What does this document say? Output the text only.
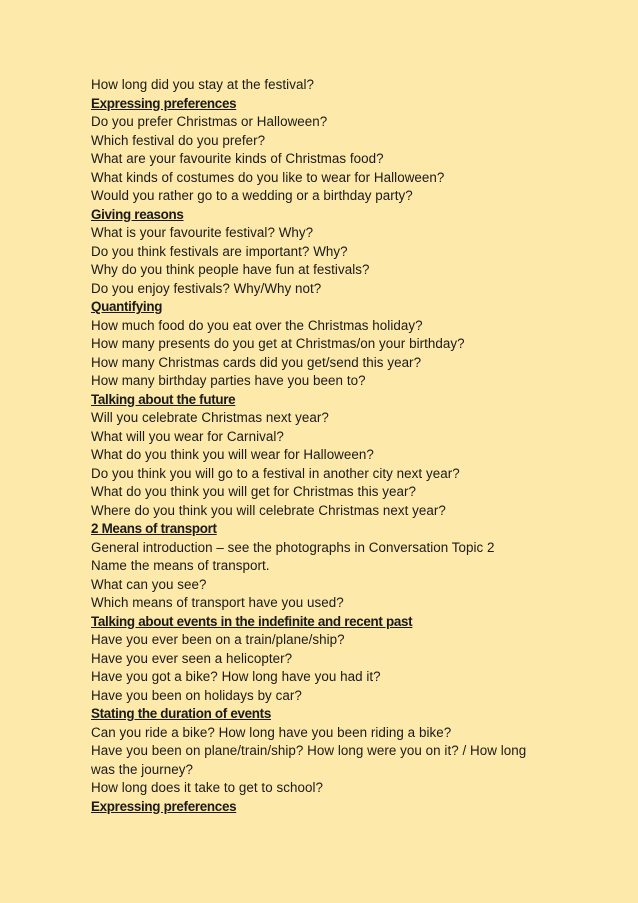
How long did you stay at the festival?
Expressing preferences
Do you prefer Christmas or Halloween?
Which festival do you prefer?
What are your favourite kinds of Christmas food?
What kinds of costumes do you like to wear for Halloween?
Would you rather go to a wedding or a birthday party?
Giving reasons
What is your favourite festival? Why?
Do you think festivals are important? Why?
Why do you think people have fun at festivals?
Do you enjoy festivals? Why/Why not?
Quantifying
How much food do you eat over the Christmas holiday?
How many presents do you get at Christmas/on your birthday?
How many Christmas cards did you get/send this year?
How many birthday parties have you been to?
Talking about the future
Will you celebrate Christmas next year?
What will you wear for Carnival?
What do you think you will wear for Halloween?
Do you think you will go to a festival in another city next year?
What do you think you will get for Christmas this year?
Where do you think you will celebrate Christmas next year?
2 Means of transport
General introduction – see the photographs in Conversation Topic 2
Name the means of transport.
What can you see?
Which means of transport have you used?
Talking about events in the indefinite and recent past
Have you ever been on a train/plane/ship?
Have you ever seen a helicopter?
Have you got a bike? How long have you had it?
Have you been on holidays by car?
Stating the duration of events
Can you ride a bike? How long have you been riding a bike?
Have you been on plane/train/ship? How long were you on it? / How long
was the journey?
How long does it take to get to school?
Expressing preferences
